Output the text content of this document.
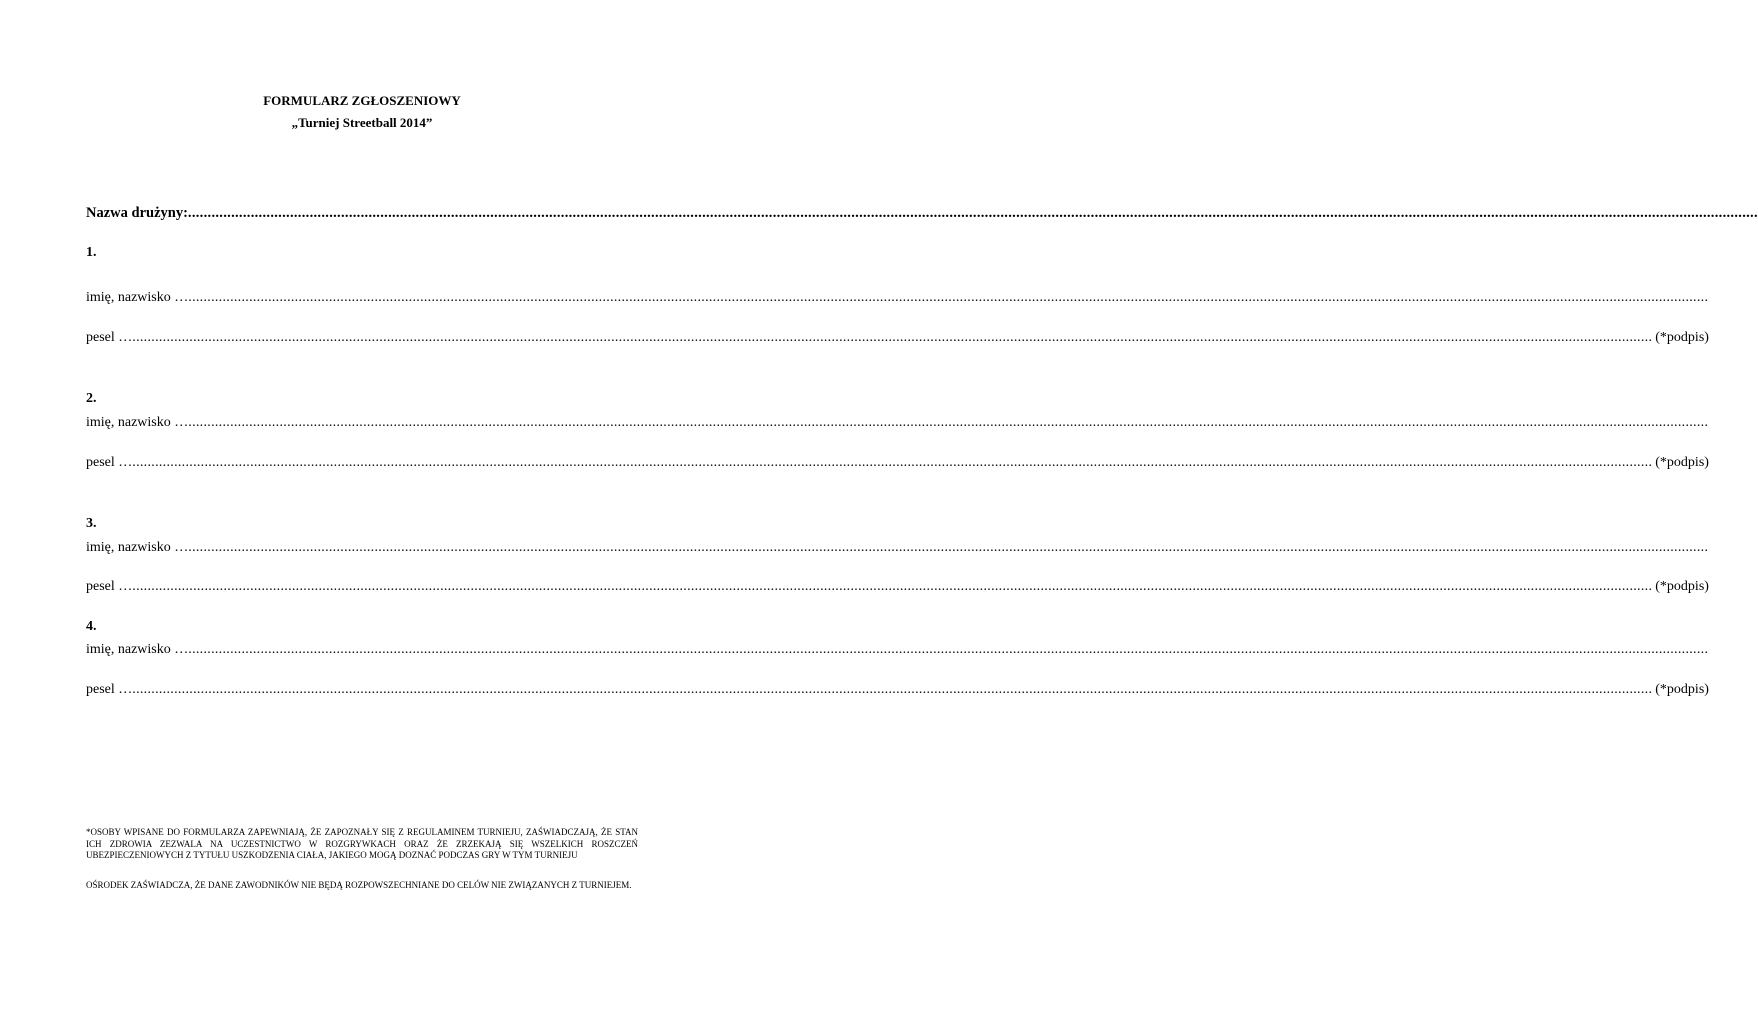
FORMULARZ ZGŁOSZENIOWY
„Turniej Streetball 2014”
Nazwa drużyny: ................................................................................................................................................................................................................................................................................................................................................................................................................
1.
imię, nazwisko … ................................................................................................................................................................................................................................................................................................................................................................................................................
pesel … ................................................................................................................................................................................................................................................................................................................................................................................................................ (*podpis)
2.
imię, nazwisko … ................................................................................................................................................................................................................................................................................................................................................................................................................
pesel … ................................................................................................................................................................................................................................................................................................................................................................................................................ (*podpis)
3.
imię, nazwisko … ................................................................................................................................................................................................................................................................................................................................................................................................................
pesel … ................................................................................................................................................................................................................................................................................................................................................................................................................ (*podpis)
4.
imię, nazwisko … ................................................................................................................................................................................................................................................................................................................................................................................................................
pesel … ................................................................................................................................................................................................................................................................................................................................................................................................................ (*podpis)
*OSOBY WPISANE DO FORMULARZA ZAPEWNIAJĄ, ŻE ZAPOZNAŁY SIĘ Z REGULAMINEM TURNIEJU, ZAŚWIADCZAJĄ, ŻE STAN ICH ZDROWIA ZEZWALA NA UCZESTNICTWO W ROZGRYWKACH ORAZ ŻE ZRZEKAJĄ SIĘ WSZELKICH ROSZCZEŃ UBEZPIECZENIOWYCH Z TYTUŁU USZKODZENIA CIAŁA, JAKIEGO MOGĄ DOZNAĆ PODCZAS GRY W TYM TURNIEJU
OŚRODEK ZAŚWIADCZA, ŻE DANE ZAWODNIKÓW NIE BĘDĄ ROZPOWSZECHNIANE DO CELÓW NIE ZWIĄZANYCH Z TURNIEJEM.
